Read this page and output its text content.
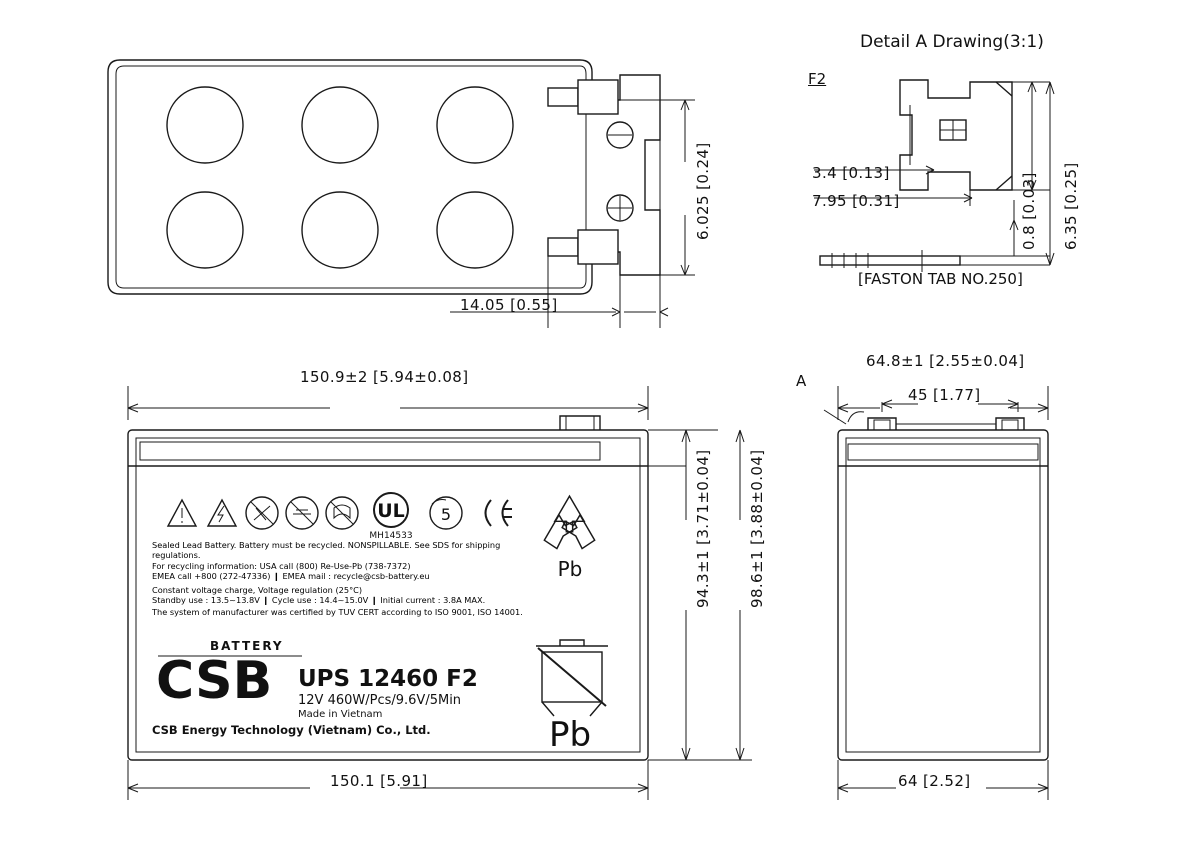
6.025 [0.24]
14.05 [0.55]
Detail A Drawing(3:1)
F2
3.4 [0.13]
7.95 [0.31]	0.8 [0.03] 6.35 [0.25]
[FASTON TAB NO.250]
150.9±2 [5.94±0.08]
150.1 [5.91]
94.3±1 [3.71±0.04] 98.6±1 [3.88±0.04]
UL
MH14533
5
Pb
Pb
Sealed Lead Battery. Battery must be recycled. NONSPILLABLE. See SDS for shipping regulations.
For recycling information: USA call (800) Re-Use-Pb (738-7372)
EMEA call +800 (272-47336) ❙ EMEA mail : recycle@csb-battery.eu
Constant voltage charge, Voltage regulation (25°C)
Standby use : 13.5~13.8V ❙ Cycle use : 14.4~15.0V ❙ Initial current : 3.8A MAX.
The system of manufacturer was certified by TUV CERT according to ISO 9001, ISO 14001.
BATTERY
CSB UPS 12460 F2
12V 460W/Pcs/9.6V/5Min
Made in Vietnam
CSB Energy Technology (Vietnam) Co., Ltd.
64.8±1 [2.55±0.04]
45 [1.77]
64 [2.52]
A
